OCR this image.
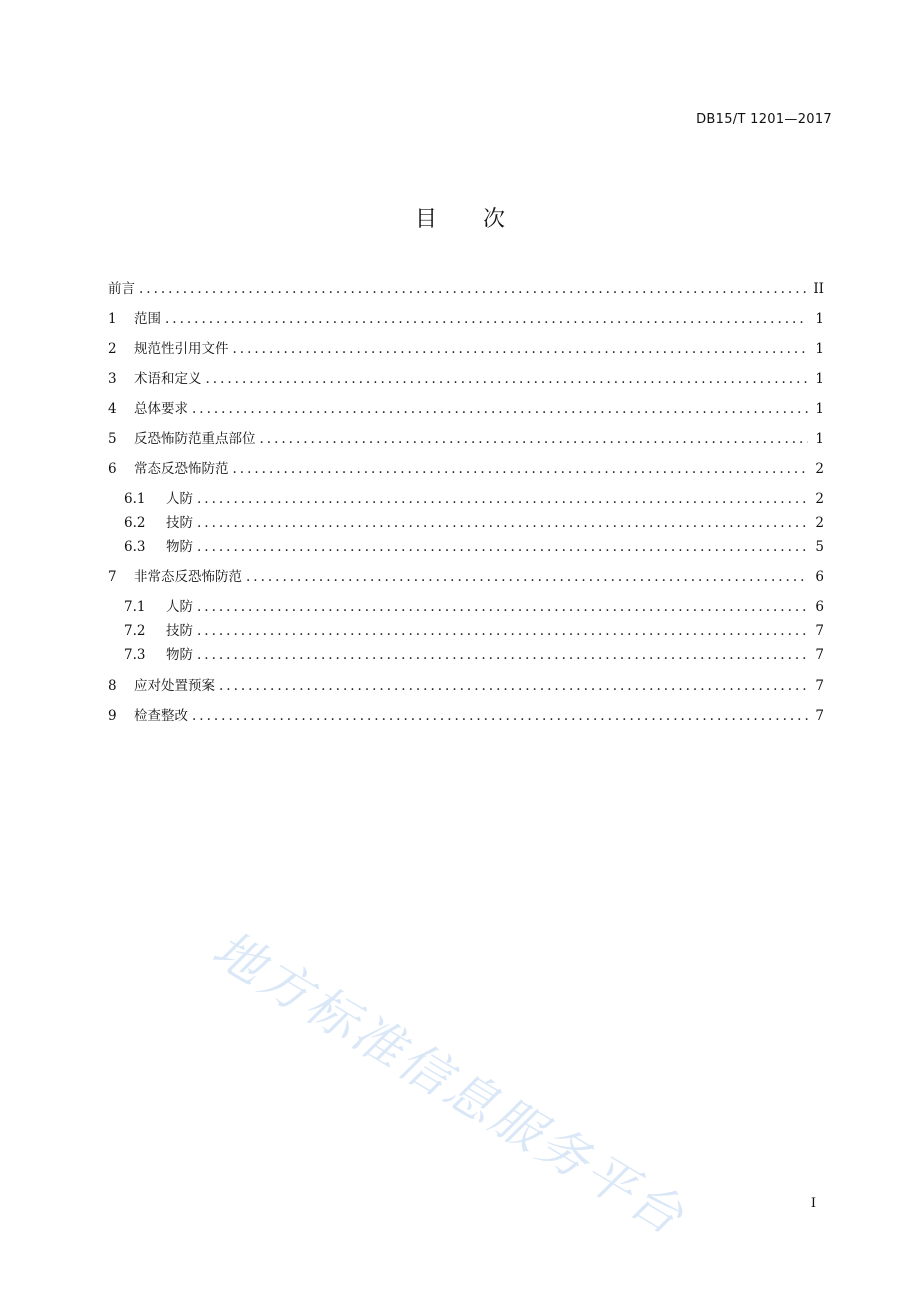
DB15/T 1201—2017
目 次
前言 .....	II
1	范围 .....	1
2	规范性引用文件 .....	1
3	术语和定义 .....	1
4	总体要求 .....	1
5	反恐怖防范重点部位 .....	1
6	常态反恐怖防范 .....	2
6.1	人防 .....	2
6.2	技防 .....	2
6.3	物防 .....	5
7	非常态反恐怖防范 .....	6
7.1	人防 .....	6
7.2	技防 .....	7
7.3	物防 .....	7
8	应对处置预案 .....	7
9	检查整改 .....	7
地方标准信息服务平台	I
